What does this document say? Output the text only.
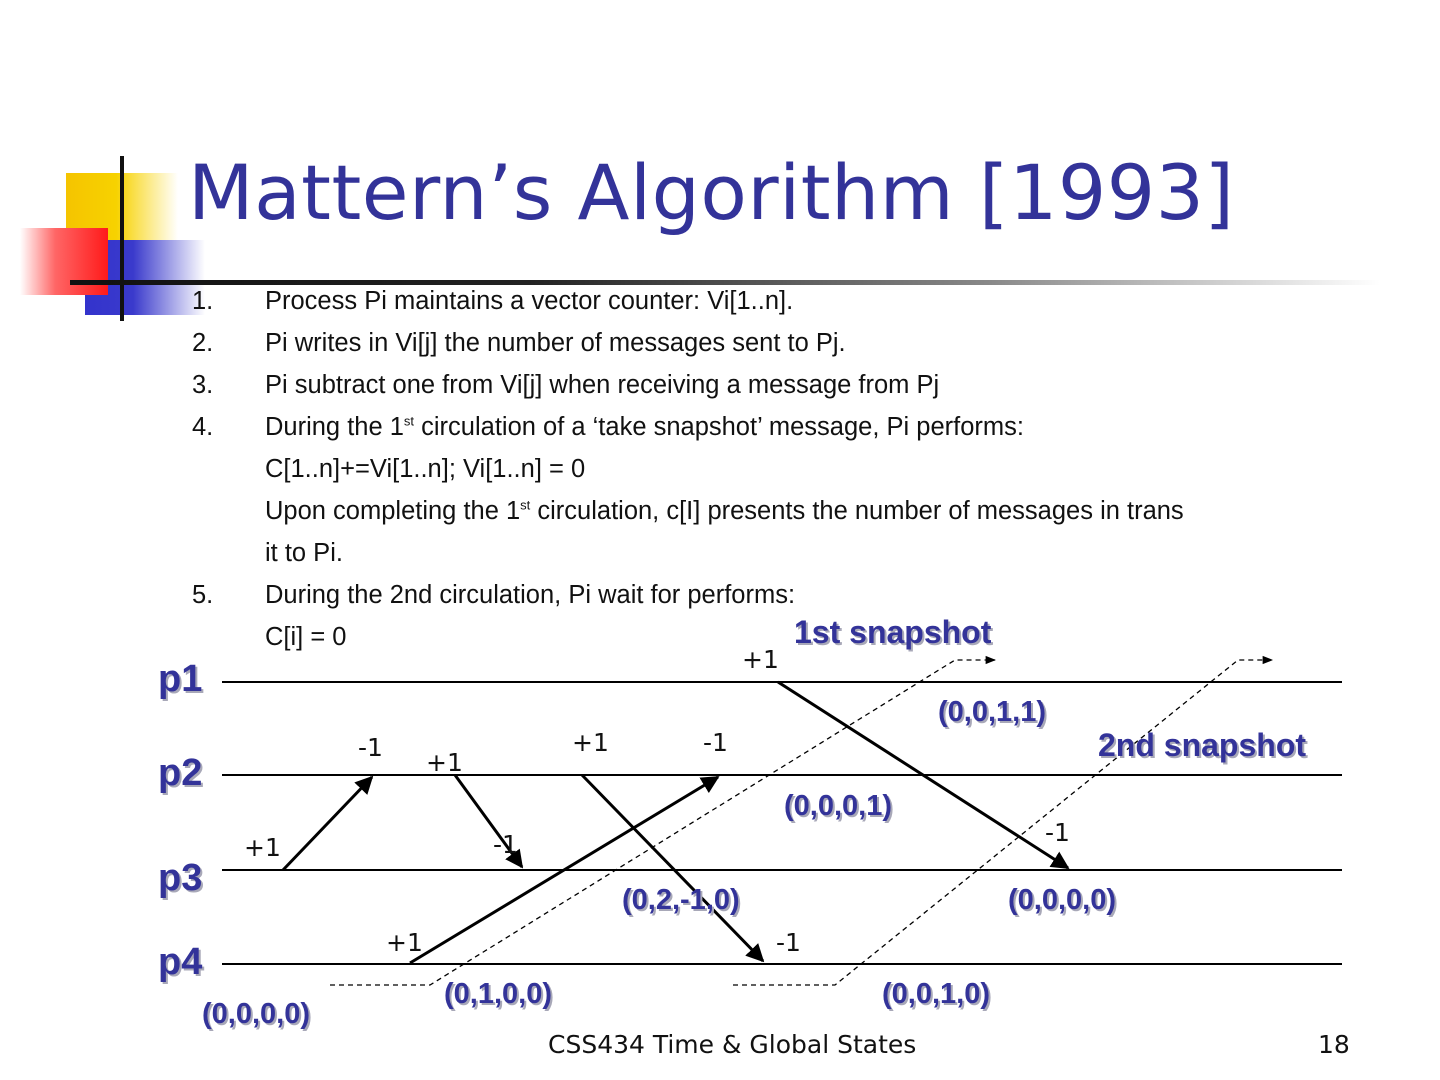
Mattern’s Algorithm [1993]
1. Process Pi maintains a vector counter: Vi[1..n].
2. Pi writes in Vi[j] the number of messages sent to Pj.
3. Pi subtract one from Vi[j] when receiving a message from Pj
4. During the 1st circulation of a ‘take snapshot’ message, Pi performs:
C[1..n]+=Vi[1..n]; Vi[1..n] = 0
Upon completing the 1st circulation, c[I] presents the number of messages in trans
it to Pi.
5. During the 2nd circulation, Pi wait for performs:
C[i] = 0
p1
p2
p3
p4
1st snapshot
2nd snapshot
+1
-1
+1
+1	-1
+1	-1	-1
+1	-1
(0,0,1,1)
(0,0,0,1)
(0,2,-1,0)	(0,0,0,0)
(0,1,0,0)	(0,0,1,0)
(0,0,0,0)
CSS434 Time & Global States	18
